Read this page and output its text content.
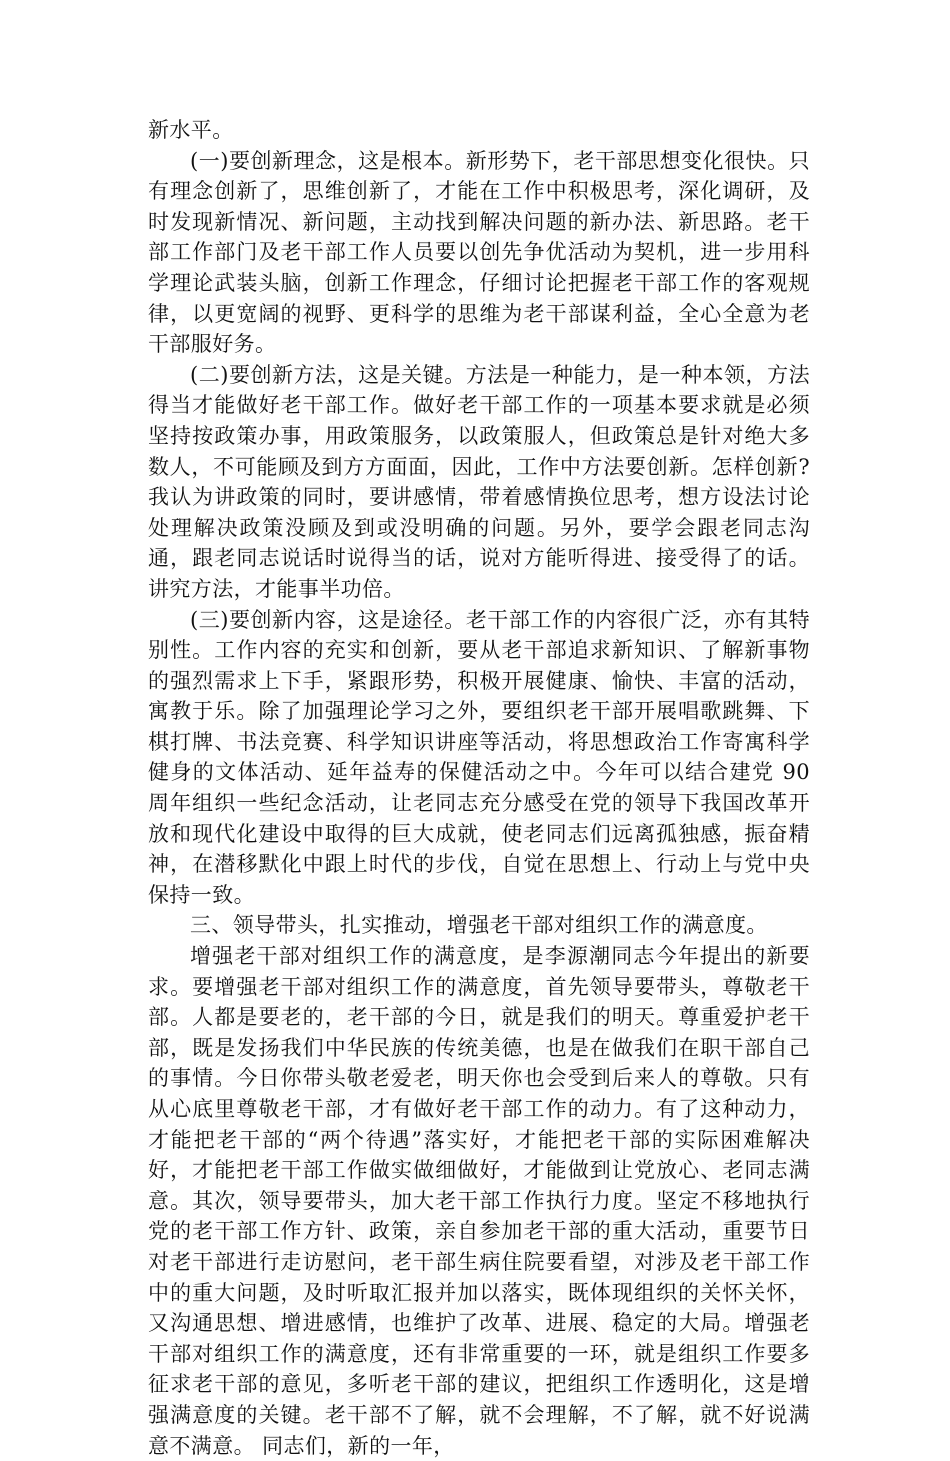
新水平。

(一)要创新理念，这是根本。新形势下，老干部思想变化很快。只有理念创新了，思维创新了，才能在工作中积极思考，深化调研，及时发现新情况、新问题，主动找到解决问题的新办法、新思路。老干部工作部门及老干部工作人员要以创先争优活动为契机，进一步用科学理论武装头脑，创新工作理念，仔细讨论把握老干部工作的客观规律，以更宽阔的视野、更科学的思维为老干部谋利益，全心全意为老干部服好务。

(二)要创新方法，这是关键。方法是一种能力，是一种本领，方法得当才能做好老干部工作。做好老干部工作的一项基本要求就是必须坚持按政策办事，用政策服务，以政策服人，但政策总是针对绝大多数人，不可能顾及到方方面面，因此，工作中方法要创新。怎样创新?我认为讲政策的同时，要讲感情，带着感情换位思考，想方设法讨论处理解决政策没顾及到或没明确的问题。另外，要学会跟老同志沟通，跟老同志说话时说得当的话，说对方能听得进、接受得了的话。讲究方法，才能事半功倍。

(三)要创新内容，这是途径。老干部工作的内容很广泛，亦有其特别性。工作内容的充实和创新，要从老干部追求新知识、了解新事物的强烈需求上下手，紧跟形势，积极开展健康、愉快、丰富的活动，寓教于乐。除了加强理论学习之外，要组织老干部开展唱歌跳舞、下棋打牌、书法竞赛、科学知识讲座等活动，将思想政治工作寄寓科学健身的文体活动、延年益寿的保健活动之中。今年可以结合建党 90 周年组织一些纪念活动，让老同志充分感受在党的领导下我国改革开放和现代化建设中取得的巨大成就，使老同志们远离孤独感，振奋精神，在潜移默化中跟上时代的步伐，自觉在思想上、行动上与党中央保持一致。

三、领导带头，扎实推动，增强老干部对组织工作的满意度。

增强老干部对组织工作的满意度，是李源潮同志今年提出的新要求。要增强老干部对组织工作的满意度，首先领导要带头，尊敬老干部。人都是要老的，老干部的今日，就是我们的明天。尊重爱护老干部，既是发扬我们中华民族的传统美德，也是在做我们在职干部自己的事情。今日你带头敬老爱老，明天你也会受到后来人的尊敬。只有从心底里尊敬老干部，才有做好老干部工作的动力。有了这种动力，才能把老干部的“两个待遇”落实好，才能把老干部的实际困难解决好，才能把老干部工作做实做细做好，才能做到让党放心、老同志满意。其次，领导要带头，加大老干部工作执行力度。坚定不移地执行党的老干部工作方针、政策，亲自参加老干部的重大活动，重要节日对老干部进行走访慰问，老干部生病住院要看望，对涉及老干部工作中的重大问题，及时听取汇报并加以落实，既体现组织的关怀关怀，又沟通思想、增进感情，也维护了改革、进展、稳定的大局。增强老干部对组织工作的满意度，还有非常重要的一环，就是组织工作要多征求老干部的意见，多听老干部的建议，把组织工作透明化，这是增强满意度的关键。老干部不了解，就不会理解，不了解，就不好说满意不满意。 同志们，新的一年，
